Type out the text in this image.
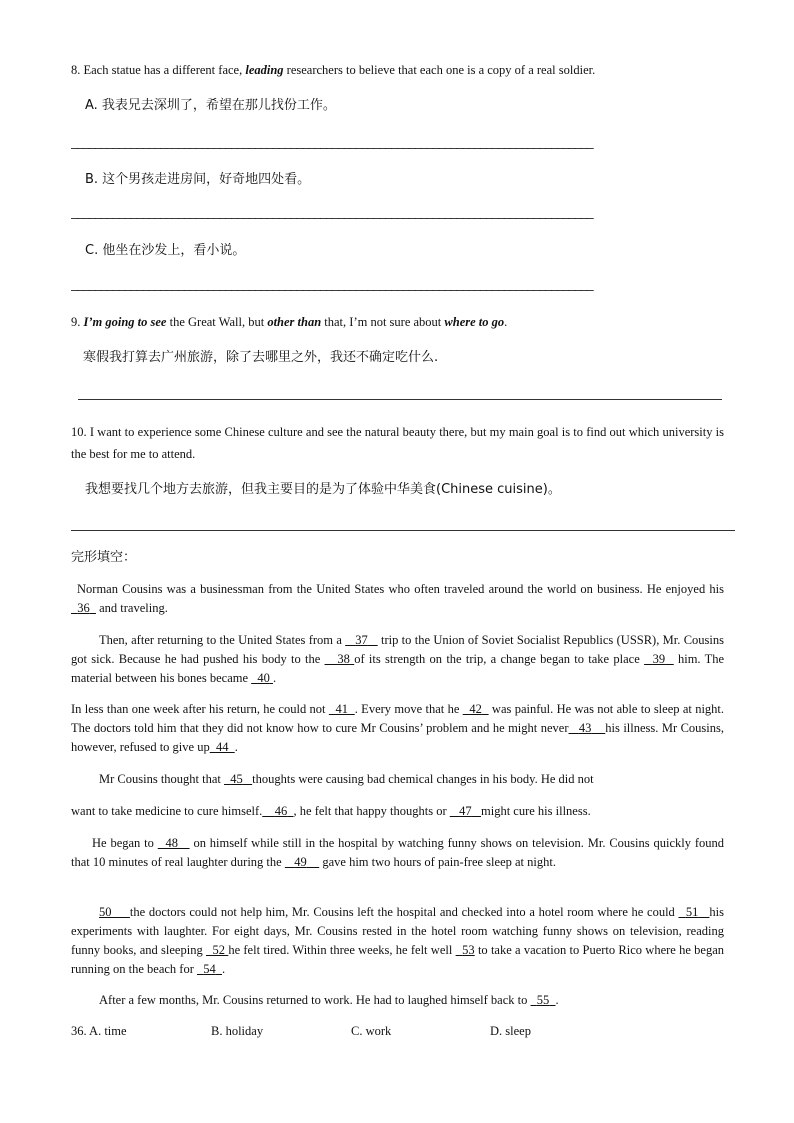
8. Each statue has a different face, leading researchers to believe that each one is a copy of a real soldier.
A. 我表兄去深圳了，希望在那儿找份工作。
————————————————————————————————————————————————————————————————————————————————————————
B. 这个男孩走进房间，好奇地四处看。
————————————————————————————————————————————————————————————————————————————————————————
C. 他坐在沙发上，看小说。
————————————————————————————————————————————————————————————————————————————————————————
9. I’m going to see the Great Wall, but other than that, I’m not sure about where to go.
寒假我打算去广州旅游，除了去哪里之外，我还不确定吃什么.
10. I want to experience some Chinese culture and see the natural beauty there, but my main goal is to find out which university is the best for me to attend.
我想要找几个地方去旅游，但我主要目的是为了体验中华美食(Chinese cuisine)。
完形填空：
Norman Cousins was a businessman from the United States who often traveled around the world on business. He enjoyed his   36   and traveling.
Then, after returning to the United States from a    37    trip to the Union of Soviet Socialist Republics (USSR), Mr. Cousins got sick. Because he had pushed his body to the    38 of its strength on the trip, a change began to take place   39   him. The material between his bones became   40 .
In less than one week after his return, he could not   41 . Every move that he   42   was painful. He was not able to sleep at night. The doctors told him that they did not know how to cure Mr Cousins’ problem and he might never 43 his illness. Mr Cousins, however, refused to give up 44 .
Mr Cousins thought that   45 thoughts were causing bad chemical changes in his body. He did not
want to take medicine to cure himself. 46 , he felt that happy thoughts or    47 might cure his illness.
He began to   48    on himself while still in the hospital by watching funny shows on television. Mr. Cousins quickly found that 10 minutes of real laughter during the    49     gave him two hours of pain-free sleep at night.
50 the doctors could not help him, Mr. Cousins left the hospital and checked into a hotel room where he could   51 his experiments with laughter. For eight days, Mr. Cousins rested in the hotel room watching funny shows on television, reading funny books, and sleeping   52 he felt tired. Within three weeks, he felt well   53 to take a vacation to Puerto Rico where he began running on the beach for   54 .
After a few months, Mr. Cousins returned to work. He had to laughed himself back to   55 .
36. A. time	B. holiday	C. work	D. sleep
